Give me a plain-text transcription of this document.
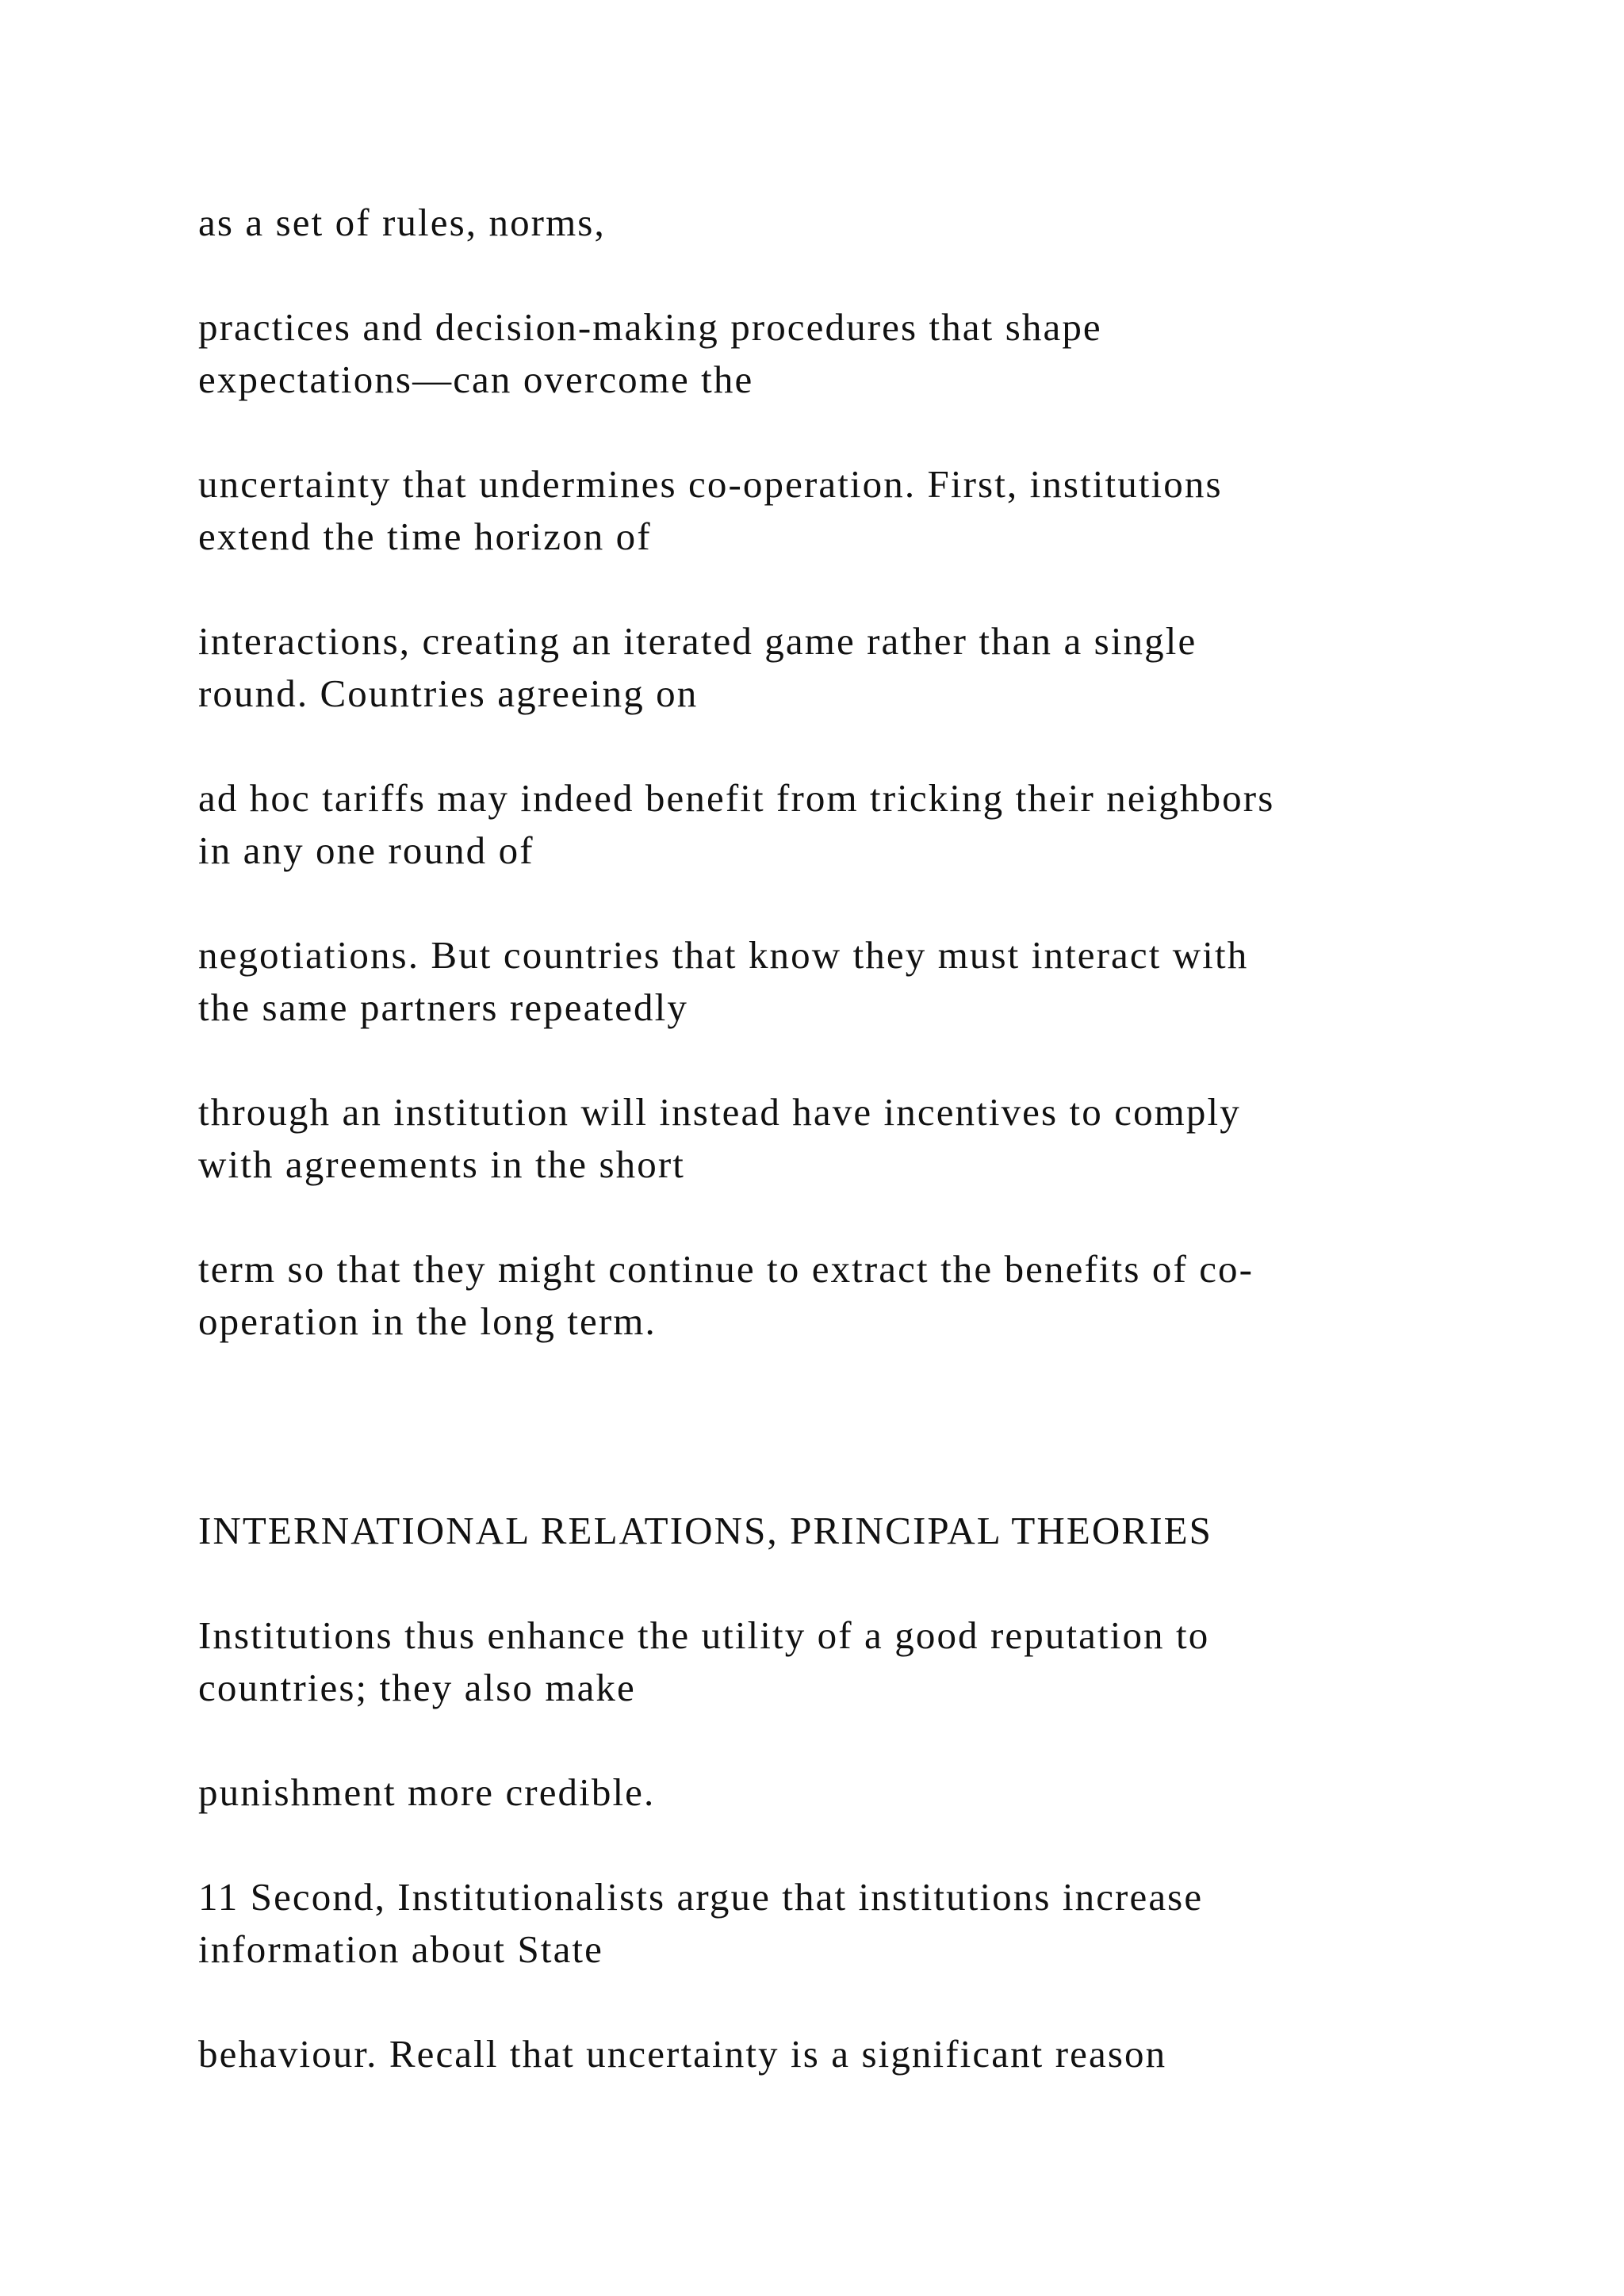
as a set of rules, norms,

practices and decision-making procedures that shape
expectations—can overcome the

uncertainty that undermines co-operation. First, institutions
extend the time horizon of

interactions, creating an iterated game rather than a single
round. Countries agreeing on

ad hoc tariffs may indeed benefit from tricking their neighbors
in any one round of

negotiations. But countries that know they must interact with
the same partners repeatedly

through an institution will instead have incentives to comply
with agreements in the short

term so that they might continue to extract the benefits of co-
operation in the long term.

INTERNATIONAL RELATIONS, PRINCIPAL THEORIES

Institutions thus enhance the utility of a good reputation to
countries; they also make

punishment more credible.

11 Second, Institutionalists argue that institutions increase
information about State

behaviour. Recall that uncertainty is a significant reason
